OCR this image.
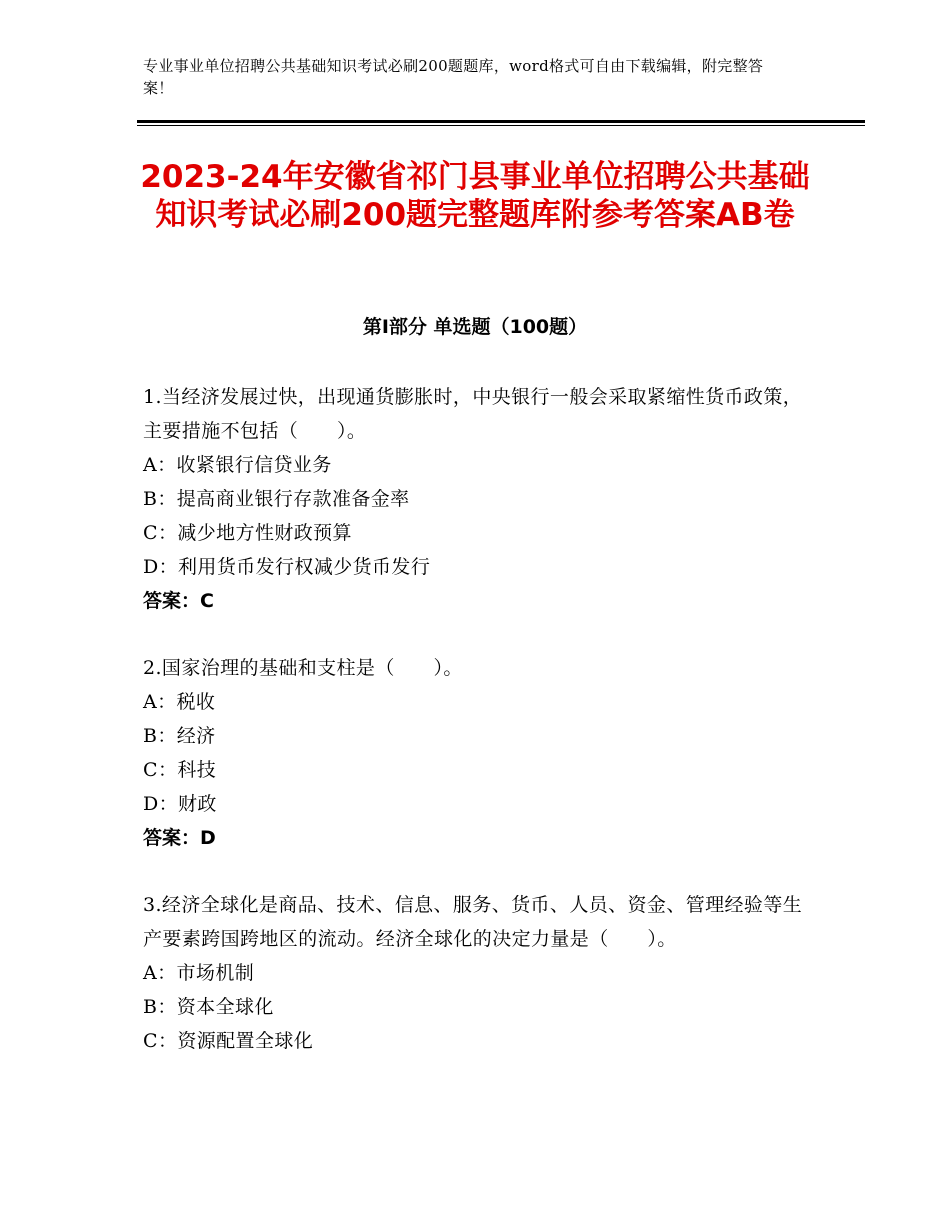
专业事业单位招聘公共基础知识考试必刷200题题库，word格式可自由下载编辑，附完整答案！
2023-24年安徽省祁门县事业单位招聘公共基础知识考试必刷200题完整题库附参考答案AB卷
第Ⅰ部分 单选题（100题）
1.当经济发展过快，出现通货膨胀时，中央银行一般会采取紧缩性货币政策，主要措施不包括（　　）。
A：收紧银行信贷业务
B：提高商业银行存款准备金率
C：减少地方性财政预算
D：利用货币发行权减少货币发行
答案：C
2.国家治理的基础和支柱是（　　）。
A：税收
B：经济
C：科技
D：财政
答案：D
3.经济全球化是商品、技术、信息、服务、货币、人员、资金、管理经验等生产要素跨国跨地区的流动。经济全球化的决定力量是（　　）。
A：市场机制
B：资本全球化
C：资源配置全球化
